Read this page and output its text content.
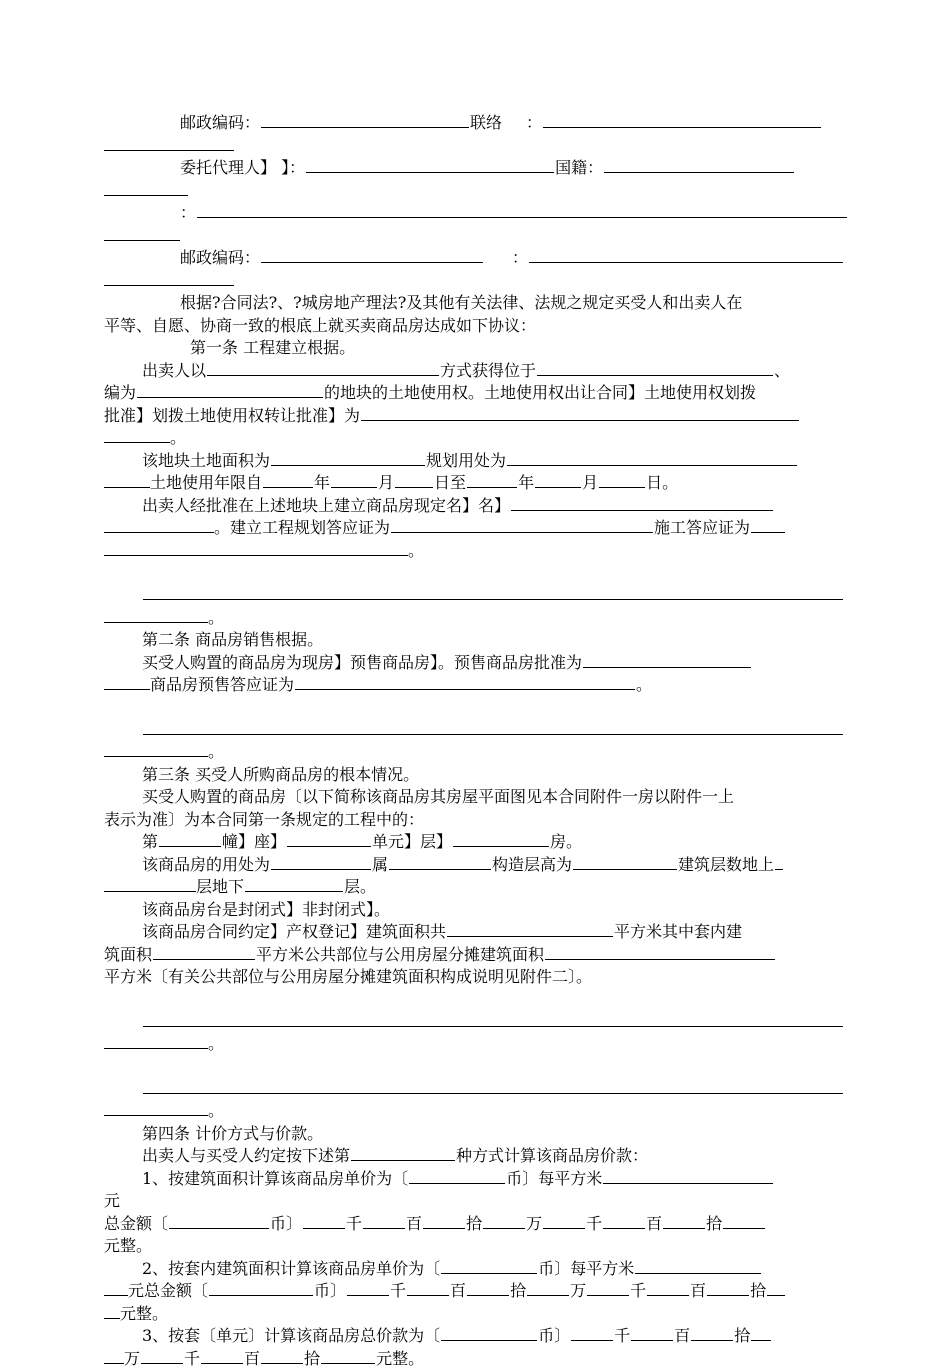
邮政编码：	联络 ：
委托代理人】 】：	国籍：
：
邮政编码：	：
根据?合同法?、?城房地产理法?及其他有关法律、法规之规定买受人和出卖人在
平等、自愿、协商一致的根底上就买卖商品房达成如下协议：
第一条 工程建立根据。
出卖人以	方式获得位于	、
编为	的地块的土地使用权。土地使用权出让合同】土地使用权划拨
批准】划拨土地使用权转让批准】为
。
该地块土地面积为	规划用处为
土地使用年限自	年	月	日至	年	月	日。
出卖人经批准在上述地块上建立商品房现定名】名】
。建立工程规划答应证为	施工答应证为
。
。
第二条 商品房销售根据。
买受人购置的商品房为现房】预售商品房】。预售商品房批准为
商品房预售答应证为	。
。
第三条 买受人所购商品房的根本情况。
买受人购置的商品房〔以下简称该商品房其房屋平面图见本合同附件一房以附件一上
表示为准〕为本合同第一条规定的工程中的：
第	幢】座】	单元】层】	房。
该商品房的用处为	属	构造层高为	建筑层数地上
层地下	层。
该商品房台是封闭式】非封闭式】。
该商品房合同约定】产权登记】建筑面积共	平方米其中套内建
筑面积	平方米公共部位与公用房屋分摊建筑面积
平方米〔有关公共部位与公用房屋分摊建筑面积构成说明见附件二〕。
。
。
第四条 计价方式与价款。
出卖人与买受人约定按下述第	种方式计算该商品房价款：
1、按建筑面积计算该商品房单价为〔	币〕每平方米
元
总金额〔	币〕	千	百	拾	万	千	百	拾
元整。
2、按套内建筑面积计算该商品房单价为〔	币〕每平方米
元总金额〔	币〕	千	百	拾	万	千	百	拾
元整。
3、按套〔单元〕计算该商品房总价款为〔	币〕	千	百	拾
万	千	百	拾	元整。
